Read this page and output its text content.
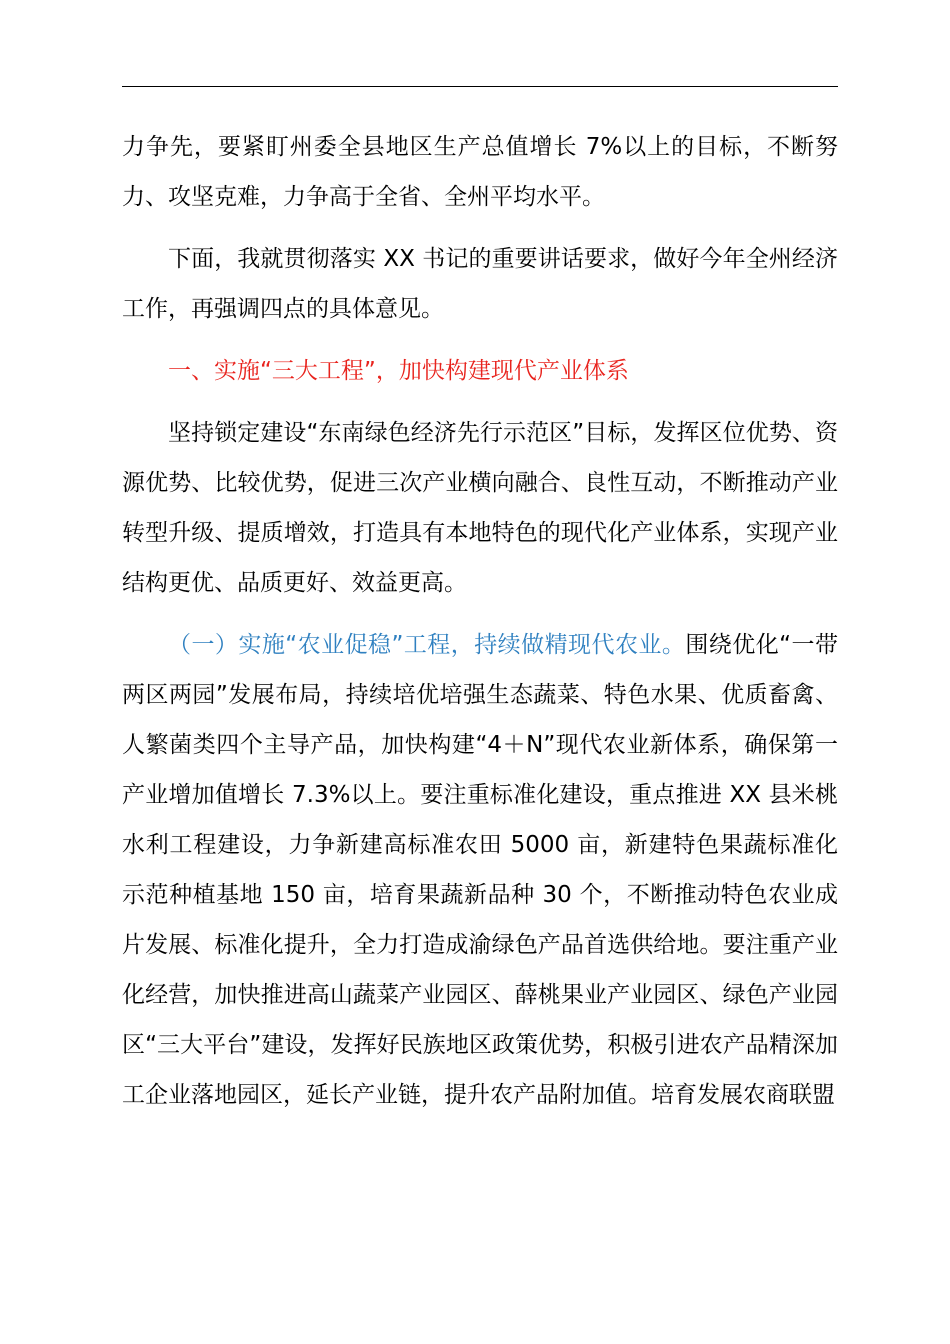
力争先，要紧盯州委全县地区生产总值增长 7%以上的目标，不断努力、攻坚克难，力争高于全省、全州平均水平。

下面，我就贯彻落实 XX 书记的重要讲话要求，做好今年全州经济工作，再强调四点的具体意见。

一、实施“三大工程”，加快构建现代产业体系

坚持锁定建设“东南绿色经济先行示范区”目标，发挥区位优势、资源优势、比较优势，促进三次产业横向融合、良性互动，不断推动产业转型升级、提质增效，打造具有本地特色的现代化产业体系，实现产业结构更优、品质更好、效益更高。

（一）实施“农业促稳”工程，持续做精现代农业。围绕优化“一带两区两园”发展布局，持续培优培强生态蔬菜、特色水果、优质畜禽、人繁菌类四个主导产品，加快构建“4＋N”现代农业新体系，确保第一产业增加值增长 7.3%以上。要注重标准化建设，重点推进 XX 县米桃水利工程建设，力争新建高标准农田 5000 亩，新建特色果蔬标准化示范种植基地 150 亩，培育果蔬新品种 30 个，不断推动特色农业成片发展、标准化提升，全力打造成渝绿色产品首选供给地。要注重产业化经营，加快推进高山蔬菜产业园区、薛桃果业产业园区、绿色产业园区“三大平台”建设，发挥好民族地区政策优势，积极引进农产品精深加工企业落地园区，延长产业链，提升农产品附加值。培育发展农商联盟
